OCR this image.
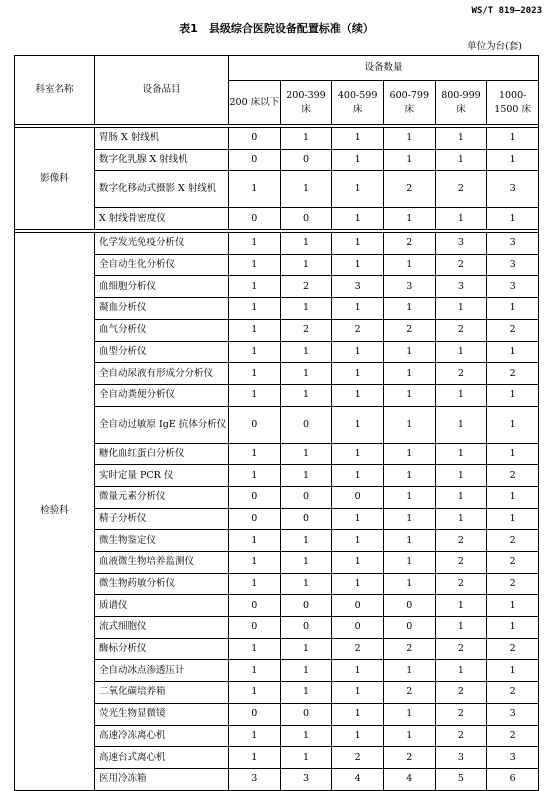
WS/T 819—2023
表1　县级综合医院设备配置标准（续）
单位为台(套)
科室名称	设备品目	设备数量					
		200 床以下	200-399 床	400-599 床	600-799 床	800-999 床	1000-1500 床

影像科	胃肠 X 射线机	0	1	1	1	1	1
	数字化乳腺 X 射线机	0	0	1	1	1	1
	数字化移动式摄影 X 射线机	1	1	1	2	2	3
	X 射线骨密度仪	0	0	1	1	1	1

检验科	化学发光免疫分析仪	1	1	1	2	3	3
	全自动生化分析仪	1	1	1	1	2	3
	血细胞分析仪	1	2	3	3	3	3
	凝血分析仪	1	1	1	1	1	1
	血气分析仪	1	2	2	2	2	2
	血型分析仪	1	1	1	1	1	1
	全自动尿液有形成分分析仪	1	1	1	1	2	2
	全自动粪便分析仪	1	1	1	1	1	1
	全自动过敏原 IgE 抗体分析仪	0	0	1	1	1	1
	糖化血红蛋白分析仪	1	1	1	1	1	1
	实时定量 PCR 仪	1	1	1	1	1	2
	微量元素分析仪	0	0	0	1	1	1
	精子分析仪	0	0	1	1	1	1
	微生物鉴定仪	1	1	1	1	2	2
	血液微生物培养监测仪	1	1	1	1	2	2
	微生物药敏分析仪	1	1	1	1	2	2
	质谱仪	0	0	0	0	1	1
	流式细胞仪	0	0	0	0	1	1
	酶标分析仪	1	1	2	2	2	2
	全自动冰点渗透压计	1	1	1	1	1	1
	二氧化碳培养箱	1	1	1	2	2	2
	荧光生物显微镜	0	0	1	1	2	3
	高速冷冻离心机	1	1	1	1	2	2
	高速台式离心机	1	1	2	2	3	3
	医用冷冻箱	3	3	4	4	5	6
